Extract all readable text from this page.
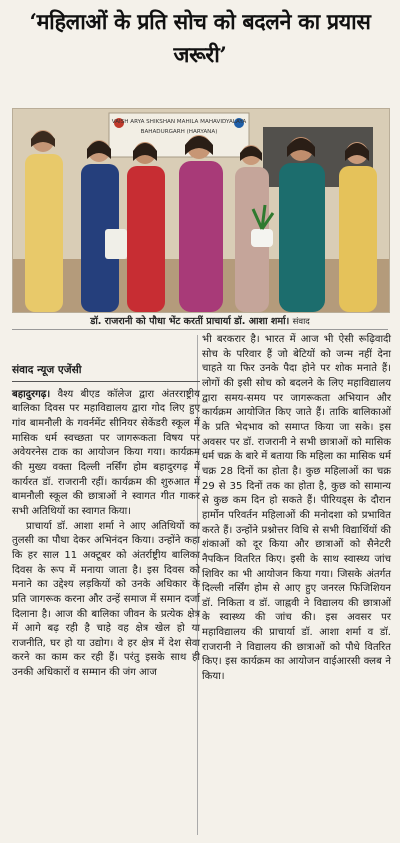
‘महिलाओं के प्रति सोच को बदलने का प्रयास जरूरी’
VAISH ARYA SHIKSHAN MAHILA MAHAVIDYALAYA
BAHADURGARH (HARYANA)
डॉ. राजरानी को पौधा भेंट करतीं प्राचार्या डॉ. आशा शर्मा। संवाद
संवाद न्यूज एजेंसी

बहादुरगढ़। वैश्य बीएड कॉलेज द्वारा अंतरराष्ट्रीय बालिका दिवस पर महाविद्यालय द्वारा गोद लिए हुए गांव बामनौली के गवर्नमेंट सीनियर सेकेंडरी स्कूल में मासिक धर्म स्वच्छता पर जागरूकता विषय पर अवेयरनेस टाक का आयोजन किया गया। कार्यक्रम की मुख्य वक्ता दिल्ली नर्सिंग होम बहादुरगढ़ में कार्यरत डॉ. राजरानी रहीं। कार्यक्रम की शुरुआत में बामनौली स्कूल की छात्राओं ने स्वागत गीत गाकर सभी अतिथियों का स्वागत किया।

प्राचार्या डॉ. आशा शर्मा ने आए अतिथियों का तुलसी का पौधा देकर अभिनंदन किया। उन्होंने कहा कि हर साल 11 अक्टूबर को अंतर्राष्ट्रीय बालिका दिवस के रूप में मनाया जाता है। इस दिवस को मनाने का उद्देश्य लड़कियों को उनके अधिकार के प्रति जागरूक करना और उन्हें समाज में समान दर्जा दिलाना है। आज की बालिका जीवन के प्रत्येक क्षेत्र में आगे बढ़ रही है चाहे वह क्षेत्र खेल हो या राजनीति, घर हो या उद्योग। वे हर क्षेत्र में देश सेवा करने का काम कर रही हैं। परंतु इसके साथ ही उनकी अधिकारों व सम्मान की जंग आज

भी बरकरार है। भारत में आज भी ऐसी रूढ़िवादी सोच के परिवार हैं जो बेटियों को जन्म नहीं देना चाहते या फिर उनके पैदा होने पर शोक मनाते हैं। लोगों की इसी सोच को बदलने के लिए महाविद्यालय द्वारा समय-समय पर जागरूकता अभियान और कार्यक्रम आयोजित किए जाते हैं। ताकि बालिकाओं के प्रति भेदभाव को समाप्त किया जा सके। इस अवसर पर डॉ. राजरानी ने सभी छात्राओं को मासिक धर्म चक्र के बारे में बताया कि महिला का मासिक धर्म चक्र 28 दिनों का होता है। कुछ महिलाओं का चक्र 29 से 35 दिनों तक का होता है, कुछ को सामान्य से कुछ कम दिन हो सकते हैं। पीरियड्स के दौरान हार्मोन परिवर्तन महिलाओं की मनोदशा को प्रभावित करते हैं। उन्होंने प्रश्नोत्तर विधि से सभी विद्यार्थियों की शंकाओं को दूर किया और छात्राओं को सैनेटरी नैपकिन वितरित किए। इसी के साथ स्वास्थ्य जांच शिविर का भी आयोजन किया गया। जिसके अंतर्गत दिल्ली नर्सिंग होम से आए हुए जनरल फिजिशियन डॉ. निकिता व डॉ. जाह्नवी ने विद्यालय की छात्राओं के स्वास्थ्य की जांच की। इस अवसर पर महाविद्यालय की प्राचार्या डॉ. आशा शर्मा व डॉ. राजरानी ने विद्यालय की छात्राओं को पौधे वितरित किए। इस कार्यक्रम का आयोजन वाईआरसी क्लब ने किया।
